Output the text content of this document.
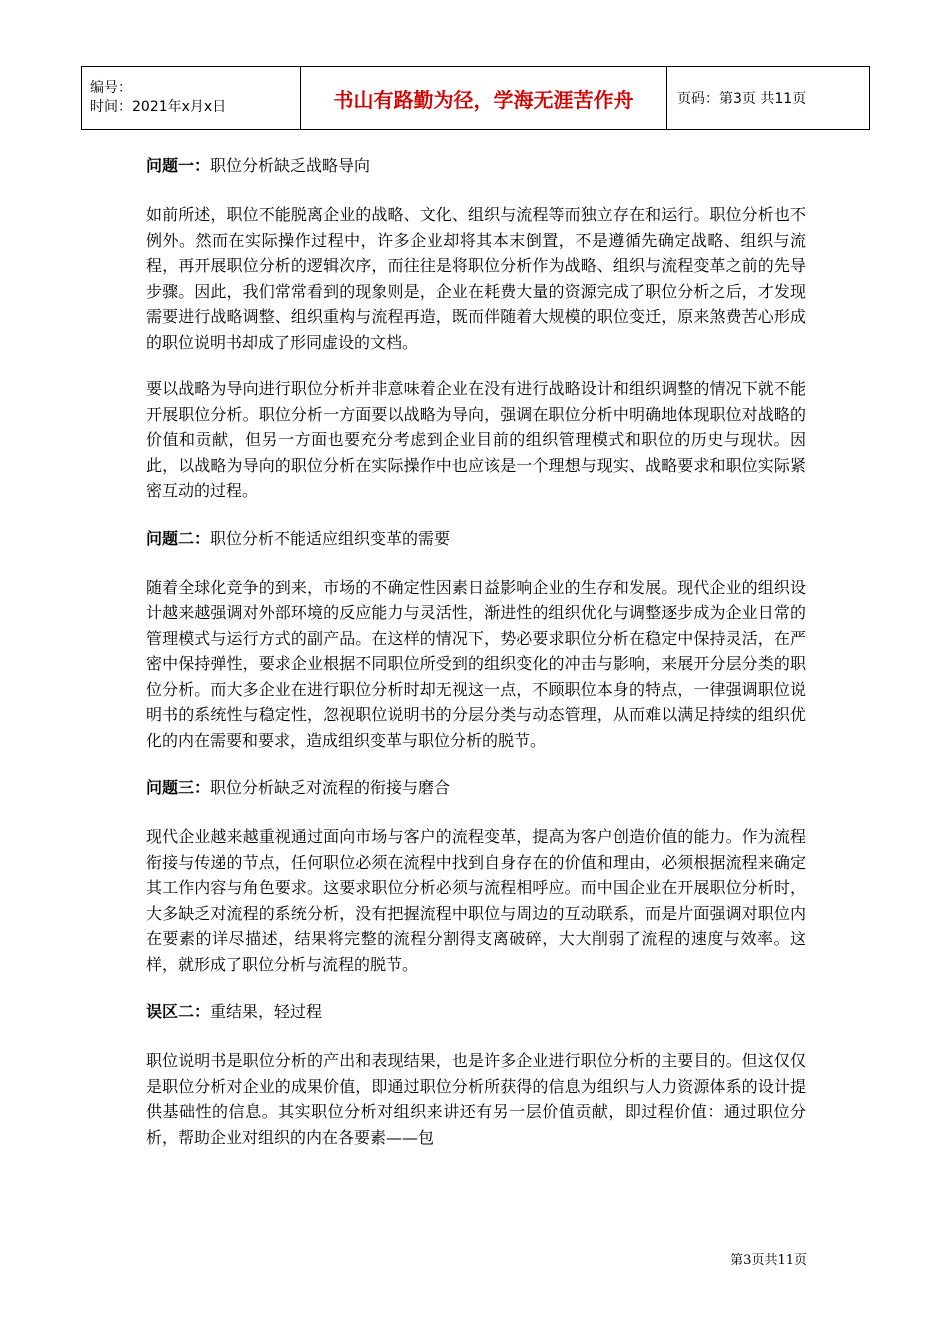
编号：
时间：2021年x月x日	书山有路勤为径，学海无涯苦作舟	页码：第3页 共11页

问题一：职位分析缺乏战略导向

如前所述，职位不能脱离企业的战略、文化、组织与流程等而独立存在和运行。职位分析也不例外。然而在实际操作过程中，许多企业却将其本末倒置，不是遵循先确定战略、组织与流程，再开展职位分析的逻辑次序，而往往是将职位分析作为战略、组织与流程变革之前的先导步骤。因此，我们常常看到的现象则是，企业在耗费大量的资源完成了职位分析之后，才发现需要进行战略调整、组织重构与流程再造，既而伴随着大规模的职位变迁，原来煞费苦心形成的职位说明书却成了形同虚设的文档。

要以战略为导向进行职位分析并非意味着企业在没有进行战略设计和组织调整的情况下就不能开展职位分析。职位分析一方面要以战略为导向，强调在职位分析中明确地体现职位对战略的价值和贡献，但另一方面也要充分考虑到企业目前的组织管理模式和职位的历史与现状。因此，以战略为导向的职位分析在实际操作中也应该是一个理想与现实、战略要求和职位实际紧密互动的过程。

问题二：职位分析不能适应组织变革的需要

随着全球化竞争的到来，市场的不确定性因素日益影响企业的生存和发展。现代企业的组织设计越来越强调对外部环境的反应能力与灵活性，渐进性的组织优化与调整逐步成为企业日常的管理模式与运行方式的副产品。在这样的情况下，势必要求职位分析在稳定中保持灵活，在严密中保持弹性，要求企业根据不同职位所受到的组织变化的冲击与影响，来展开分层分类的职位分析。而大多企业在进行职位分析时却无视这一点，不顾职位本身的特点，一律强调职位说明书的系统性与稳定性，忽视职位说明书的分层分类与动态管理，从而难以满足持续的组织优化的内在需要和要求，造成组织变革与职位分析的脱节。

问题三：职位分析缺乏对流程的衔接与磨合

现代企业越来越重视通过面向市场与客户的流程变革，提高为客户创造价值的能力。作为流程衔接与传递的节点，任何职位必须在流程中找到自身存在的价值和理由，必须根据流程来确定其工作内容与角色要求。这要求职位分析必须与流程相呼应。而中国企业在开展职位分析时，大多缺乏对流程的系统分析，没有把握流程中职位与周边的互动联系，而是片面强调对职位内在要素的详尽描述，结果将完整的流程分割得支离破碎，大大削弱了流程的速度与效率。这样，就形成了职位分析与流程的脱节。

误区二：重结果，轻过程

职位说明书是职位分析的产出和表现结果，也是许多企业进行职位分析的主要目的。但这仅仅是职位分析对企业的成果价值，即通过职位分析所获得的信息为组织与人力资源体系的设计提供基础性的信息。其实职位分析对组织来讲还有另一层价值贡献，即过程价值：通过职位分析，帮助企业对组织的内在各要素——包

第3页共11页
